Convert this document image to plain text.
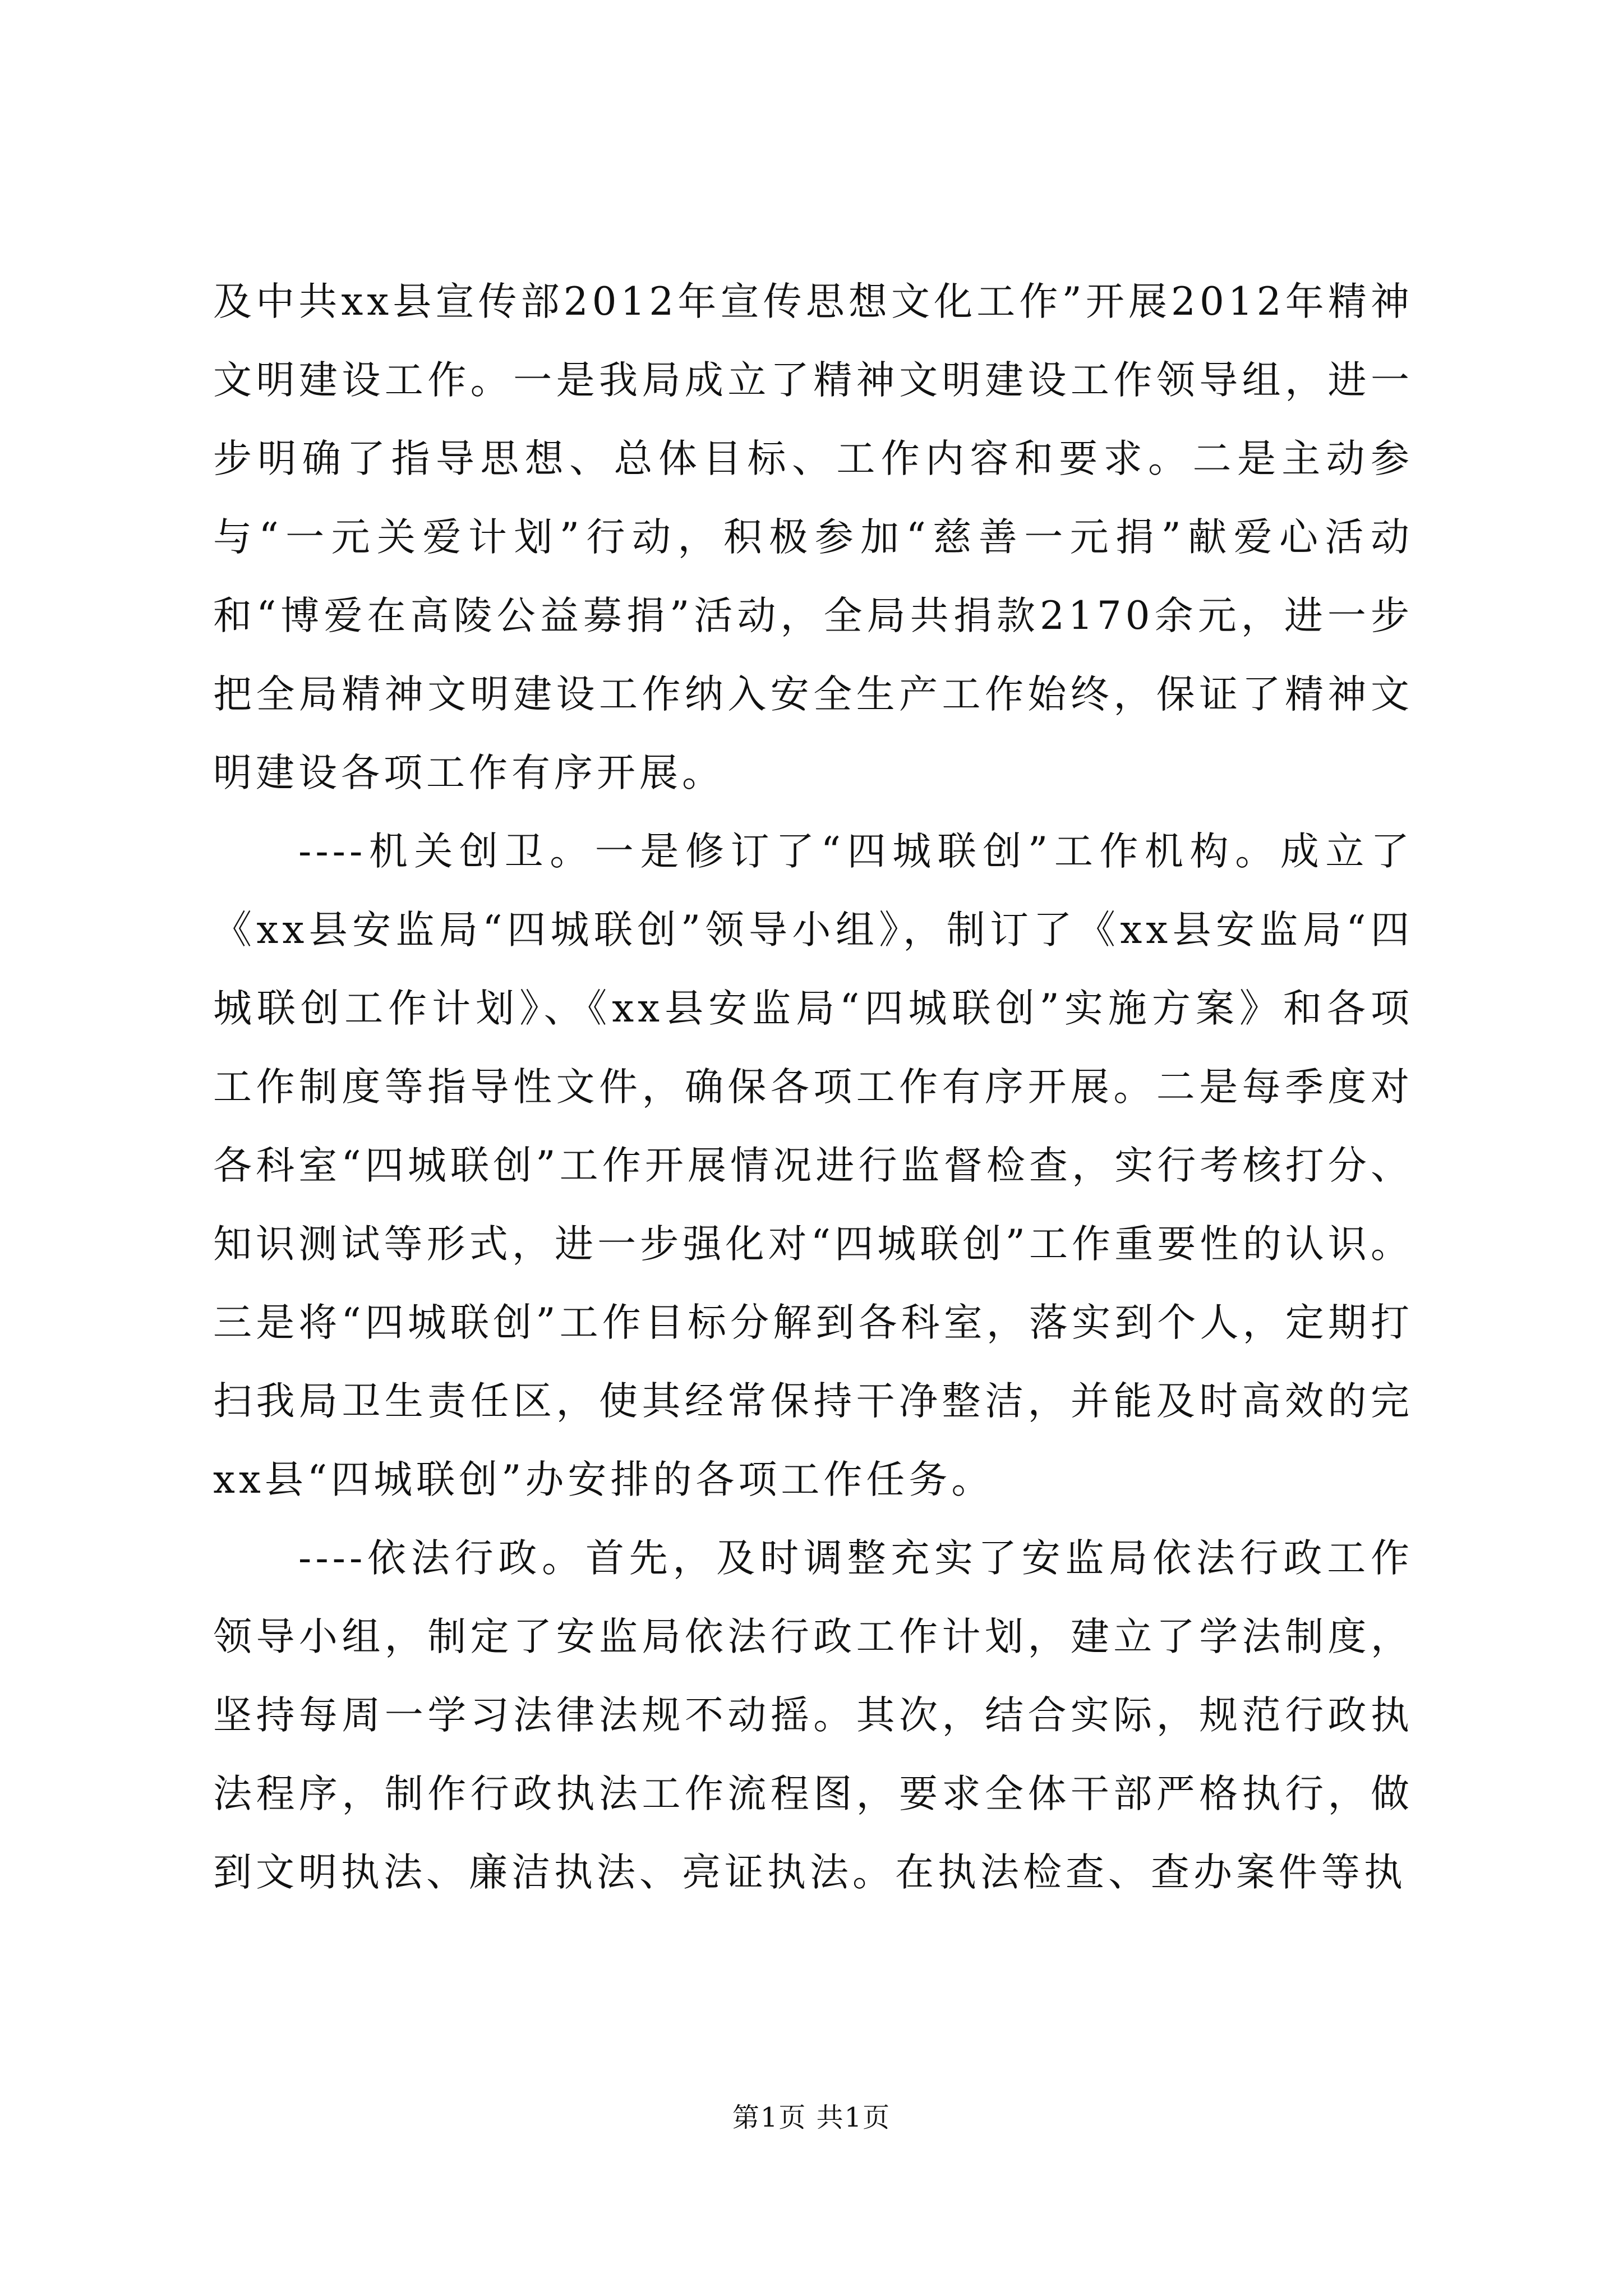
及中共xx县宣传部2012年宣传思想文化工作”开展2012年精神文明建设工作。一是我局成立了精神文明建设工作领导组，进一步明确了指导思想、总体目标、工作内容和要求。二是主动参与“一元关爱计划”行动，积极参加“慈善一元捐”献爱心活动和“博爱在高陵公益募捐”活动，全局共捐款2170余元，进一步把全局精神文明建设工作纳入安全生产工作始终，保证了精神文明建设各项工作有序开展。

----机关创卫。一是修订了“四城联创”工作机构。成立了《xx县安监局“四城联创”领导小组》，制订了《xx县安监局“四城联创工作计划》、《xx县安监局“四城联创”实施方案》和各项工作制度等指导性文件，确保各项工作有序开展。二是每季度对各科室“四城联创”工作开展情况进行监督检查，实行考核打分、知识测试等形式，进一步强化对“四城联创”工作重要性的认识。三是将“四城联创”工作目标分解到各科室，落实到个人，定期打扫我局卫生责任区，使其经常保持干净整洁，并能及时高效的完xx县“四城联创”办安排的各项工作任务。

----依法行政。首先，及时调整充实了安监局依法行政工作领导小组，制定了安监局依法行政工作计划，建立了学法制度，坚持每周一学习法律法规不动摇。其次，结合实际，规范行政执法程序，制作行政执法工作流程图，要求全体干部严格执行，做到文明执法、廉洁执法、亮证执法。在执法检查、查办案件等执

第1页 共1页
